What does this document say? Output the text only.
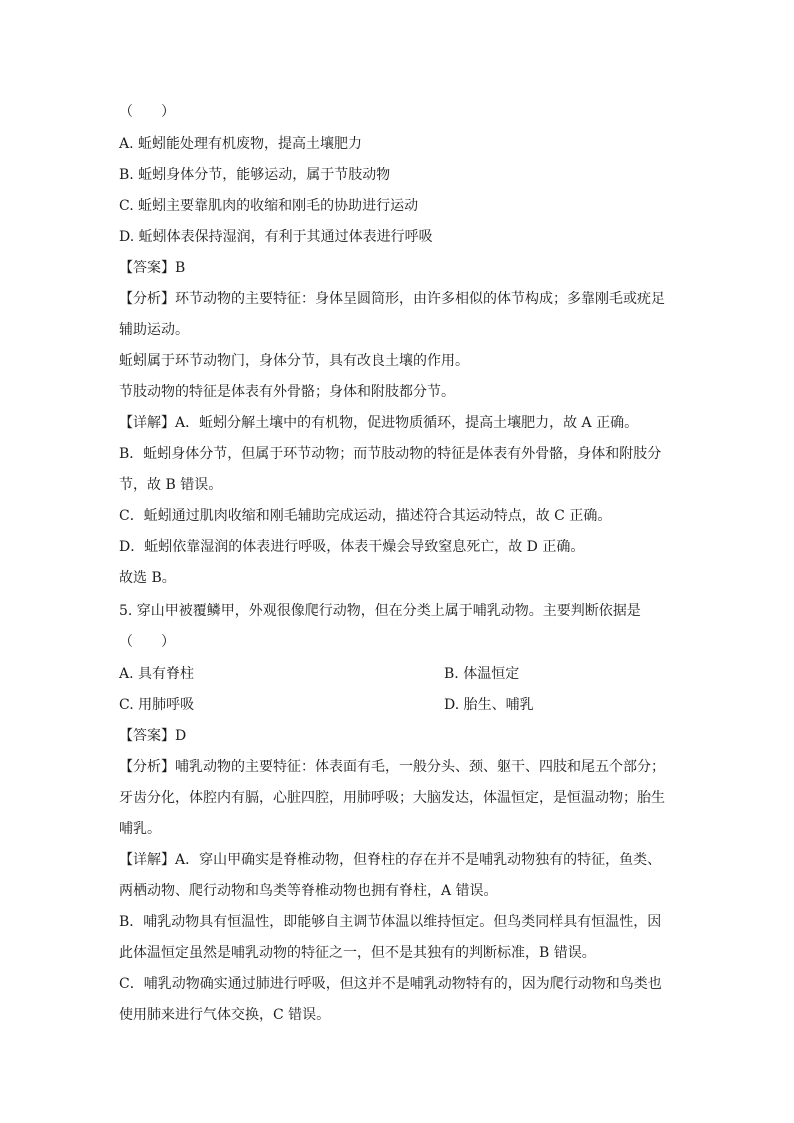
（　　）
A. 蚯蚓能处理有机废物，提高土壤肥力
B. 蚯蚓身体分节，能够运动，属于节肢动物
C. 蚯蚓主要靠肌肉的收缩和刚毛的协助进行运动
D. 蚯蚓体表保持湿润，有利于其通过体表进行呼吸
【答案】B
【分析】环节动物的主要特征：身体呈圆筒形，由许多相似的体节构成；多靠刚毛或疣足
辅助运动。
蚯蚓属于环节动物门，身体分节，具有改良土壤的作用。
节肢动物的特征是体表有外骨骼；身体和附肢都分节。
【详解】A．蚯蚓分解土壤中的有机物，促进物质循环，提高土壤肥力，故 A 正确。
B．蚯蚓身体分节，但属于环节动物；而节肢动物的特征是体表有外骨骼，身体和附肢分
节，故 B 错误。
C．蚯蚓通过肌肉收缩和刚毛辅助完成运动，描述符合其运动特点，故 C 正确。
D．蚯蚓依靠湿润的体表进行呼吸，体表干燥会导致窒息死亡，故 D 正确。
故选 B。
5. 穿山甲被覆鳞甲，外观很像爬行动物，但在分类上属于哺乳动物。主要判断依据是
（　　）
A. 具有脊柱	B. 体温恒定
C. 用肺呼吸	D. 胎生、哺乳
【答案】D
【分析】哺乳动物的主要特征：体表面有毛，一般分头、颈、躯干、四肢和尾五个部分；
牙齿分化，体腔内有膈，心脏四腔，用肺呼吸；大脑发达，体温恒定，是恒温动物；胎生
哺乳。
【详解】A．穿山甲确实是脊椎动物，但脊柱的存在并不是哺乳动物独有的特征，鱼类、
两栖动物、爬行动物和鸟类等脊椎动物也拥有脊柱，A 错误。
B．哺乳动物具有恒温性，即能够自主调节体温以维持恒定。但鸟类同样具有恒温性，因
此体温恒定虽然是哺乳动物的特征之一，但不是其独有的判断标准，B 错误。
C．哺乳动物确实通过肺进行呼吸，但这并不是哺乳动物特有的，因为爬行动物和鸟类也
使用肺来进行气体交换，C 错误。
